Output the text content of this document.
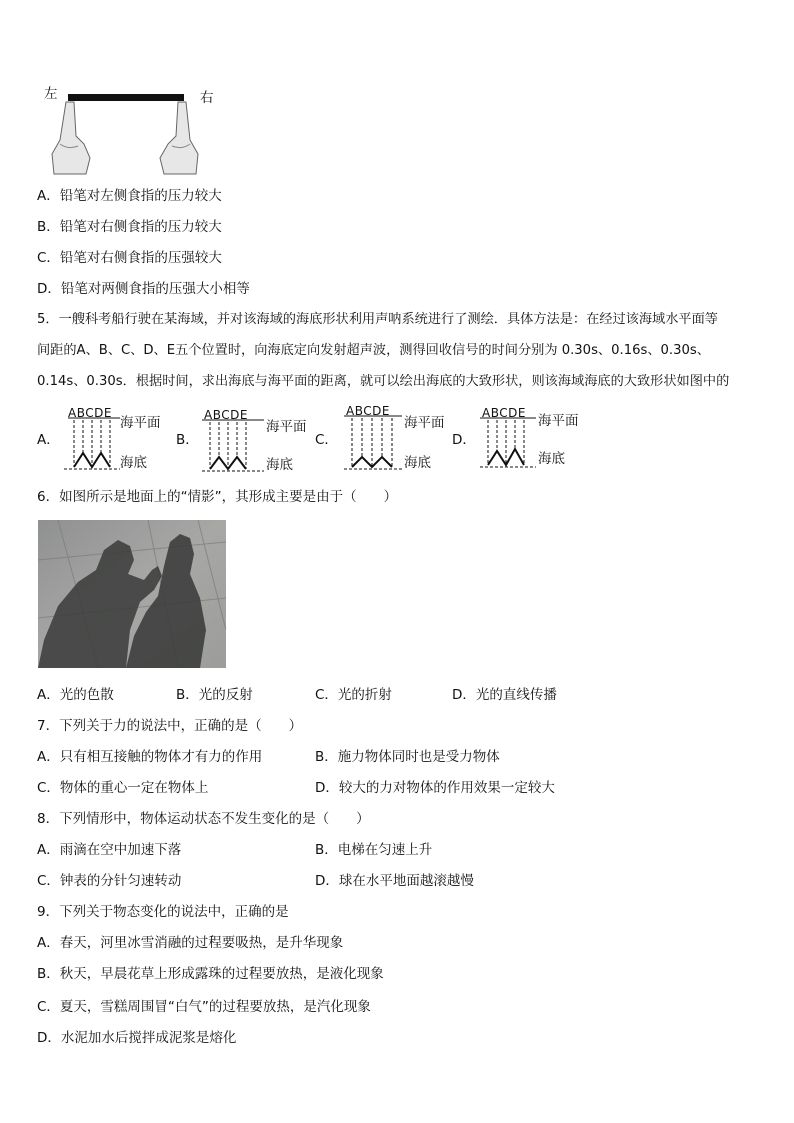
左	右
A．铅笔对左侧食指的压力较大
B．铅笔对右侧食指的压力较大
C．铅笔对右侧食指的压强较大
D．铅笔对两侧食指的压强大小相等
5．一艘科考船行驶在某海域，并对该海域的海底形状利用声呐系统进行了测绘．具体方法是：在经过该海域水平面等
间距的A、B、C、D、E五个位置时，向海底定向发射超声波，测得回收信号的时间分别为 0.30s、0.16s、0.30s、
0.14s、0.30s．根据时间，求出海底与海平面的距离，就可以绘出海底的大致形状，则该海域海底的大致形状如图中的
A．
ABCDE
海平面
海底
B．
ABCDE
海平面
海底
C．
ABCDE
海平面
海底
D．
ABCDE 海平面
海底
6．如图所示是地面上的“情影”，其形成主要是由于（　　）
A．光的色散	B．光的反射	C．光的折射	D．光的直线传播
7．下列关于力的说法中，正确的是（　　）
A．只有相互接触的物体才有力的作用	B．施力物体同时也是受力物体
C．物体的重心一定在物体上	D．较大的力对物体的作用效果一定较大
8．下列情形中，物体运动状态不发生变化的是（　　）
A．雨滴在空中加速下落	B．电梯在匀速上升
C．钟表的分针匀速转动	D．球在水平地面越滚越慢
9．下列关于物态变化的说法中，正确的是
A．春天，河里冰雪消融的过程要吸热，是升华现象
B．秋天，早晨花草上形成露珠的过程要放热，是液化现象
C．夏天，雪糕周围冒“白气”的过程要放热，是汽化现象
D．水泥加水后搅拌成泥浆是熔化
